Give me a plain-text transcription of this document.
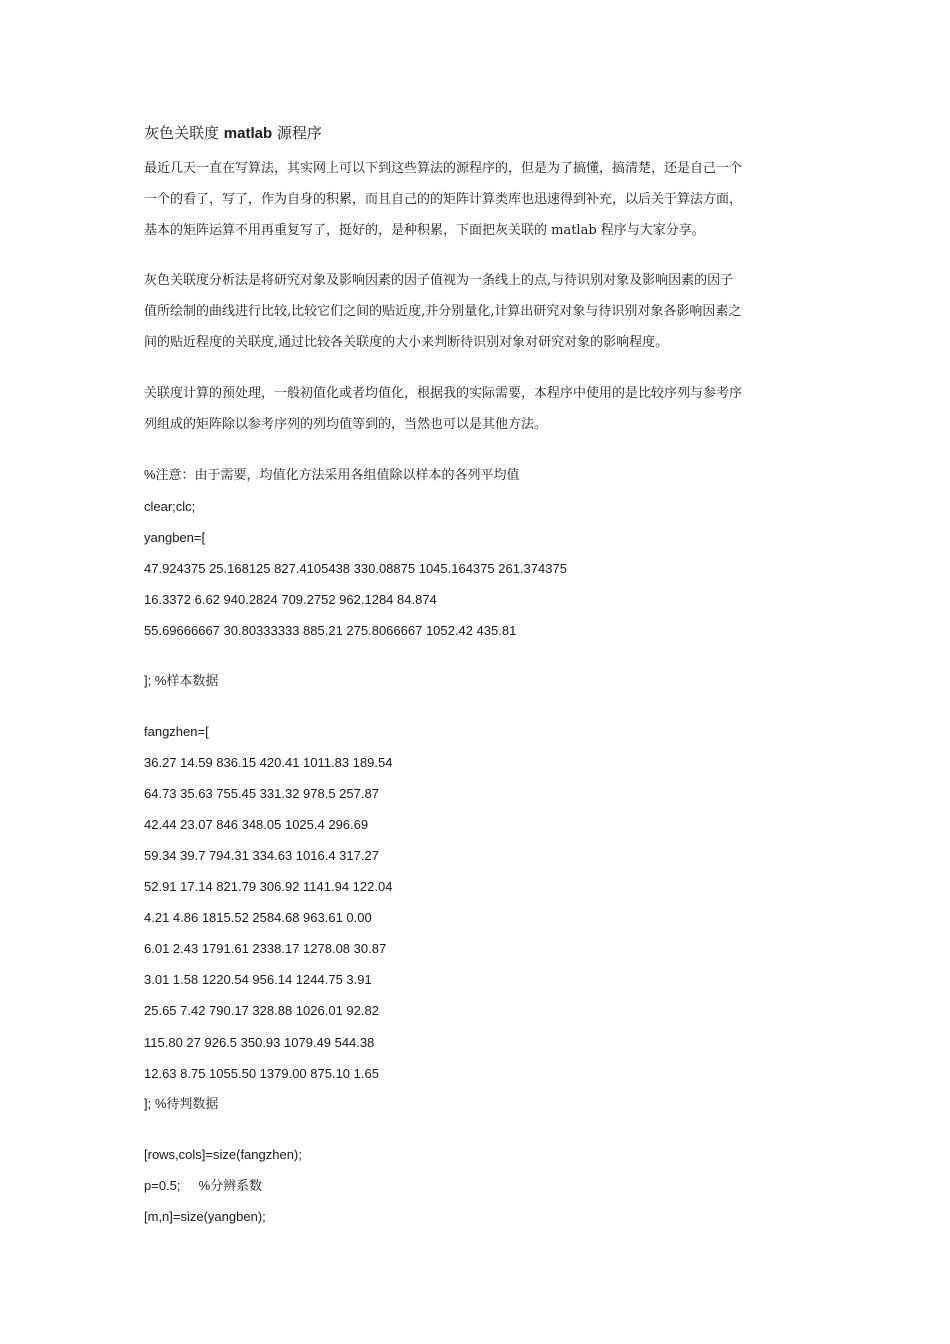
灰色关联度 matlab 源程序
最近几天一直在写算法，其实网上可以下到这些算法的源程序的，但是为了搞懂，搞清楚，还是自己一个
一个的看了，写了，作为自身的积累，而且自己的的矩阵计算类库也迅速得到补充，以后关于算法方面，
基本的矩阵运算不用再重复写了，挺好的，是种积累，下面把灰关联的 matlab 程序与大家分享。
灰色关联度分析法是将研究对象及影响因素的因子值视为一条线上的点,与待识别对象及影响因素的因子
值所绘制的曲线进行比较,比较它们之间的贴近度,并分别量化,计算出研究对象与待识别对象各影响因素之
间的贴近程度的关联度,通过比较各关联度的大小来判断待识别对象对研究对象的影响程度。
关联度计算的预处理，一般初值化或者均值化，根据我的实际需要，本程序中使用的是比较序列与参考序
列组成的矩阵除以参考序列的列均值等到的，当然也可以是其他方法。
%注意：由于需要，均值化方法采用各组值除以样本的各列平均值
clear;clc;
yangben=[
47.924375 25.168125 827.4105438 330.08875 1045.164375 261.374375
16.3372 6.62 940.2824 709.2752 962.1284 84.874
55.69666667 30.80333333 885.21 275.8066667 1052.42 435.81
]; %样本数据
fangzhen=[
36.27 14.59 836.15 420.41 1011.83 189.54
64.73 35.63 755.45 331.32 978.5 257.87
42.44 23.07 846 348.05 1025.4 296.69
59.34 39.7 794.31 334.63 1016.4 317.27
52.91 17.14 821.79 306.92 1141.94 122.04
4.21 4.86 1815.52 2584.68 963.61 0.00
6.01 2.43 1791.61 2338.17 1278.08 30.87
3.01 1.58 1220.54 956.14 1244.75 3.91
25.65 7.42 790.17 328.88 1026.01 92.82
115.80 27 926.5 350.93 1079.49 544.38
12.63 8.75 1055.50 1379.00 875.10 1.65
]; %待判数据
[rows,cols]=size(fangzhen);
p=0.5;     %分辨系数
[m,n]=size(yangben);
